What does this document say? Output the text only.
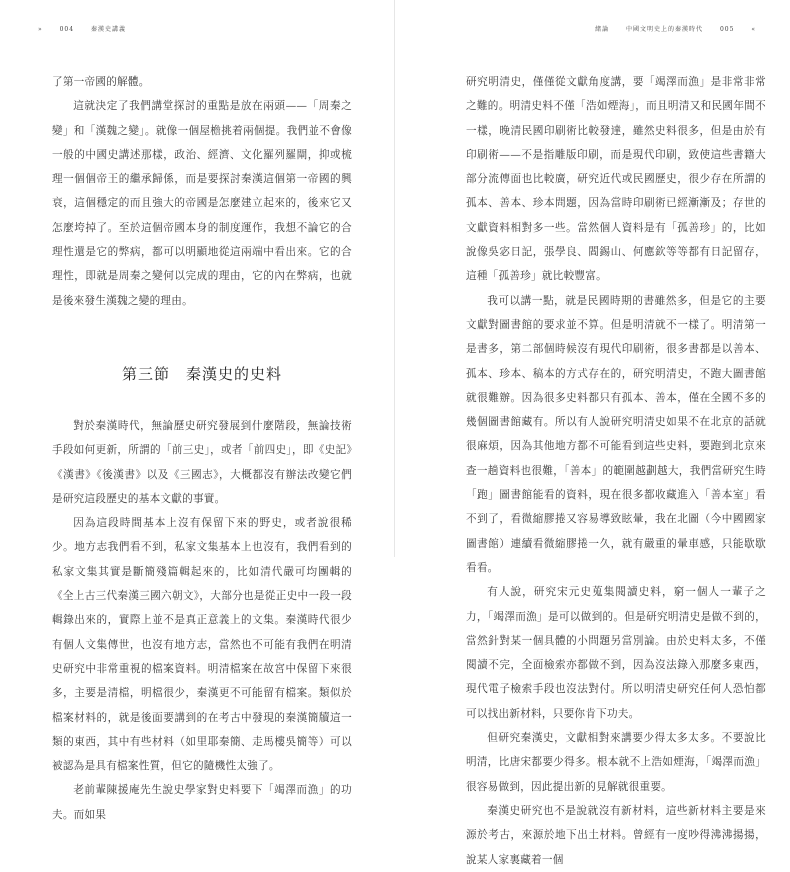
»	004	秦漢史講義

了第一帝國的解體。

這就決定了我們講堂探討的重點是放在兩頭——「周秦之變」和「漢魏之變」。就像一個屋檐挑着兩個提。我們並不會像一般的中國史講述那樣，政治、經濟、文化羅列羅閘，抑或梳理一個個帝王的繼承歸係，而是要探討秦漢這個第一帝國的興衰，這個穩定的而且強大的帝國是怎麼建立起來的，後來它又怎麼垮掉了。至於這個帝國本身的制度運作，我想不論它的合理性還是它的弊病，都可以明顯地從這兩端中看出來。它的合理性，即就是周秦之變何以完成的理由，它的內在弊病，也就是後來發生漢魏之變的理由。

第三節 秦漢史的史料

對於秦漢時代，無論歷史研究發展到什麼階段，無論技術手段如何更新，所謂的「前三史」，或者「前四史」，即《史記》《漢書》《後漢書》以及《三國志》，大概都沒有辦法改變它們是研究這段歷史的基本文獻的事實。

因為這段時間基本上沒有保留下來的野史，或者說很稀少。地方志我們看不到，私家文集基本上也沒有，我們看到的私家文集其實是斷簡殘篇輯起來的，比如清代嚴可均團輯的《全上古三代秦漢三國六朝文》，大部分也是從正史中一段一段輯錄出來的，實際上並不是真正意義上的文集。秦漢時代很少有個人文集傳世，也沒有地方志，當然也不可能有我們在明清史研究中非常重視的檔案資料。明清檔案在故宮中保留下來很多，主要是清檔，明檔很少，秦漢更不可能留有檔案。類似於檔案材料的，就是後面要講到的在考古中發現的秦漢簡牘這一類的東西，其中有些材料（如里耶秦簡、走馬樓吳簡等）可以被認為是具有檔案性質，但它的隨機性太強了。

老前輩陳援庵先生說史學家對史料要下「竭澤而漁」的功夫。而如果

緒論	中國文明史上的秦漢時代	005	«

研究明清史，僅僅從文獻角度講，要「竭澤而漁」是非常非常之難的。明清史料不僅「浩如煙海」，而且明清又和民國年間不一樣，晚清民國印刷術比較發達，雖然史料很多，但是由於有印刷術——不是指雕版印刷，而是現代印刷，致使這些書籍大部分流傳面也比較廣，研究近代或民國歷史，很少存在所謂的孤本、善本、珍本問題，因為當時印刷術已經漸漸及；存世的文獻資料相對多一些。當然個人資料是有「孤善珍」的，比如說像吳宓日記，張學良、閻錫山、何應欽等等都有日記留存，這種「孤善珍」就比較豐富。

我可以講一點，就是民國時期的書雖然多，但是它的主要文獻對圖書館的要求並不算。但是明清就不一樣了。明清第一是書多，第二部個時候沒有現代印刷術，很多書都是以善本、孤本、珍本、稿本的方式存在的，研究明清史，不跑大圖書館就很難辦。因為很多史料都只有孤本、善本，僅在全國不多的幾個圖書館藏有。所以有人說研究明清史如果不在北京的話就很麻煩，因為其他地方都不可能看到這些史料，要跑到北京來查一趟資料也很難，「善本」的範圍越劃越大，我們當研究生時「跑」圖書館能看的資料，現在很多都收藏進入「善本室」看不到了，看微縮膠捲又容易導致眩暈，我在北圖（今中國國家圖書館）連續看微縮膠捲一久，就有嚴重的暈車感，只能歇歇看看。

有人說，研究宋元史蒐集閱讀史料，窮一個人一輩子之力，「竭澤而漁」是可以做到的。但是研究明清史是做不到的，當然針對某一個具體的小問題另當別論。由於史料太多，不僅閱讀不完，全面檢索亦都做不到，因為沒法錄入那麼多東西，現代電子檢索手段也沒法對付。所以明清史研究任何人恐怕都可以找出新材料，只要你肯下功夫。

但研究秦漢史，文獻相對來講要少得太多太多。不要說比明清，比唐宋都要少得多。根本就不上浩如煙海，「竭澤而漁」很容易做到，因此提出新的見解就很重要。

秦漢史研究也不是說就沒有新材料，這些新材料主要是來源於考古，來源於地下出土材料。曾經有一度吵得沸沸揚揚，說某人家裏藏着一個
